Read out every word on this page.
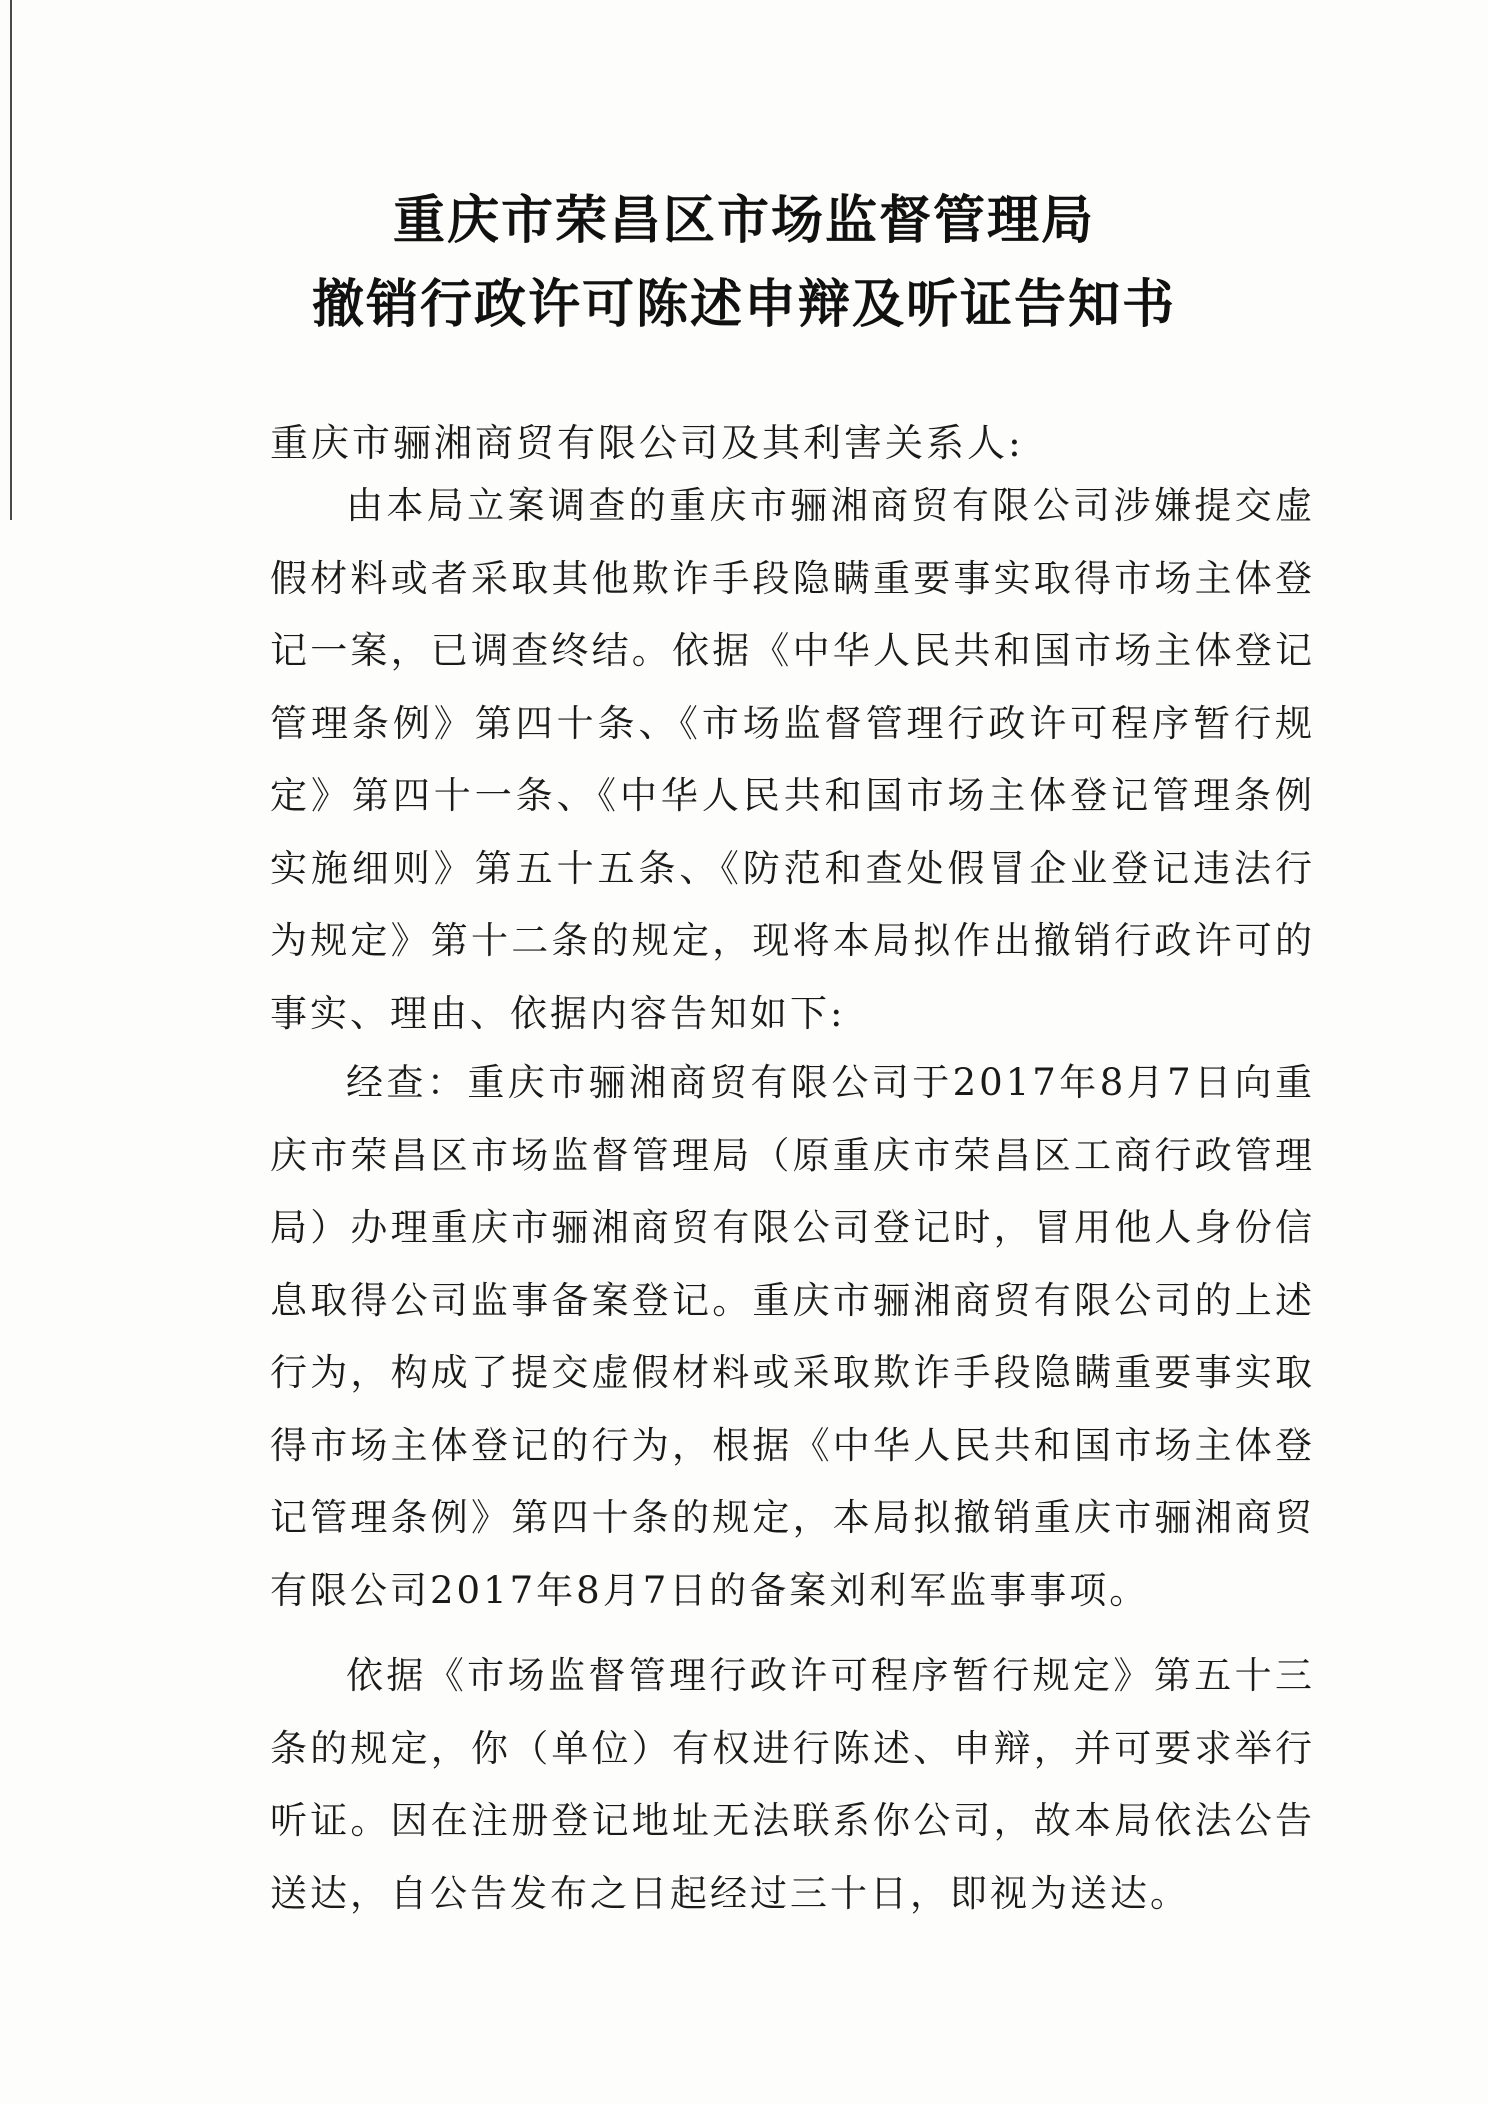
重庆市荣昌区市场监督管理局
撤销行政许可陈述申辩及听证告知书
重庆市骊湘商贸有限公司及其利害关系人:
由本局立案调查的重庆市骊湘商贸有限公司涉嫌提交虚假材料或者采取其他欺诈手段隐瞒重要事实取得市场主体登记一案，已调查终结。依据《中华人民共和国市场主体登记管理条例》第四十条、《市场监督管理行政许可程序暂行规定》第四十一条、《中华人民共和国市场主体登记管理条例实施细则》第五十五条、《防范和查处假冒企业登记违法行为规定》第十二条的规定，现将本局拟作出撤销行政许可的事实、理由、依据内容告知如下:
经查：重庆市骊湘商贸有限公司于2017年8月7日向重庆市荣昌区市场监督管理局（原重庆市荣昌区工商行政管理局）办理重庆市骊湘商贸有限公司登记时，冒用他人身份信息取得公司监事备案登记。重庆市骊湘商贸有限公司的上述行为，构成了提交虚假材料或采取欺诈手段隐瞒重要事实取得市场主体登记的行为，根据《中华人民共和国市场主体登记管理条例》第四十条的规定，本局拟撤销重庆市骊湘商贸有限公司2017年8月7日的备案刘利军监事事项。
依据《市场监督管理行政许可程序暂行规定》第五十三条的规定，你（单位）有权进行陈述、申辩，并可要求举行听证。因在注册登记地址无法联系你公司，故本局依法公告送达，自公告发布之日起经过三十日，即视为送达。
